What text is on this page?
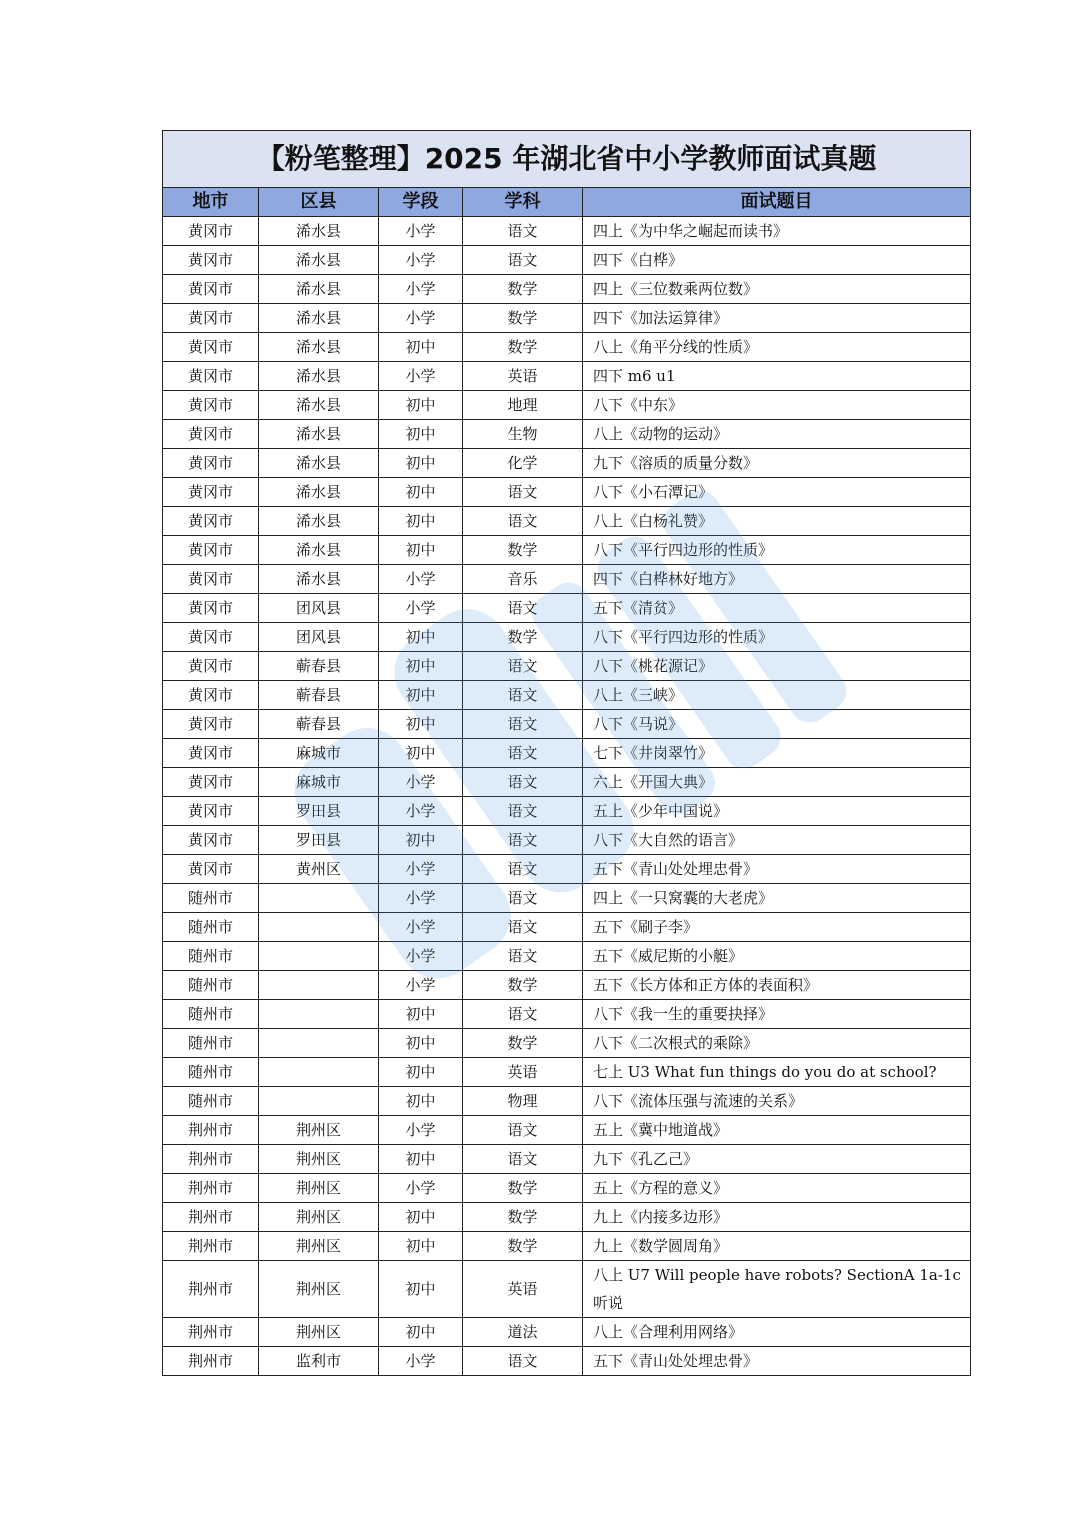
【粉笔整理】2025 年湖北省中小学教师面试真题				
地市	区县	学段	学科	面试题目
黄冈市	浠水县	小学	语文	四上《为中华之崛起而读书》
黄冈市	浠水县	小学	语文	四下《白桦》
黄冈市	浠水县	小学	数学	四上《三位数乘两位数》
黄冈市	浠水县	小学	数学	四下《加法运算律》
黄冈市	浠水县	初中	数学	八上《角平分线的性质》
黄冈市	浠水县	小学	英语	四下 m6 u1
黄冈市	浠水县	初中	地理	八下《中东》
黄冈市	浠水县	初中	生物	八上《动物的运动》
黄冈市	浠水县	初中	化学	九下《溶质的质量分数》
黄冈市	浠水县	初中	语文	八下《小石潭记》
黄冈市	浠水县	初中	语文	八上《白杨礼赞》
黄冈市	浠水县	初中	数学	八下《平行四边形的性质》
黄冈市	浠水县	小学	音乐	四下《白桦林好地方》
黄冈市	团风县	小学	语文	五下《清贫》
黄冈市	团风县	初中	数学	八下《平行四边形的性质》
黄冈市	蕲春县	初中	语文	八下《桃花源记》
黄冈市	蕲春县	初中	语文	八上《三峡》
黄冈市	蕲春县	初中	语文	八下《马说》
黄冈市	麻城市	初中	语文	七下《井岗翠竹》
黄冈市	麻城市	小学	语文	六上《开国大典》
黄冈市	罗田县	小学	语文	五上《少年中国说》
黄冈市	罗田县	初中	语文	八下《大自然的语言》
黄冈市	黄州区	小学	语文	五下《青山处处埋忠骨》
随州市		小学	语文	四上《一只窝囊的大老虎》
随州市		小学	语文	五下《刷子李》
随州市		小学	语文	五下《威尼斯的小艇》
随州市		小学	数学	五下《长方体和正方体的表面积》
随州市		初中	语文	八下《我一生的重要抉择》
随州市		初中	数学	八下《二次根式的乘除》
随州市		初中	英语	七上 U3 What fun things do you do at school?
随州市		初中	物理	八下《流体压强与流速的关系》
荆州市	荆州区	小学	语文	五上《冀中地道战》
荆州市	荆州区	初中	语文	九下《孔乙己》
荆州市	荆州区	小学	数学	五上《方程的意义》
荆州市	荆州区	初中	数学	九上《内接多边形》
荆州市	荆州区	初中	数学	九上《数学圆周角》
荆州市	荆州区	初中	英语	八上 U7 Will people have robots? SectionA 1a-1c 听说
荆州市	荆州区	初中	道法	八上《合理利用网络》
荆州市	监利市	小学	语文	五下《青山处处埋忠骨》
